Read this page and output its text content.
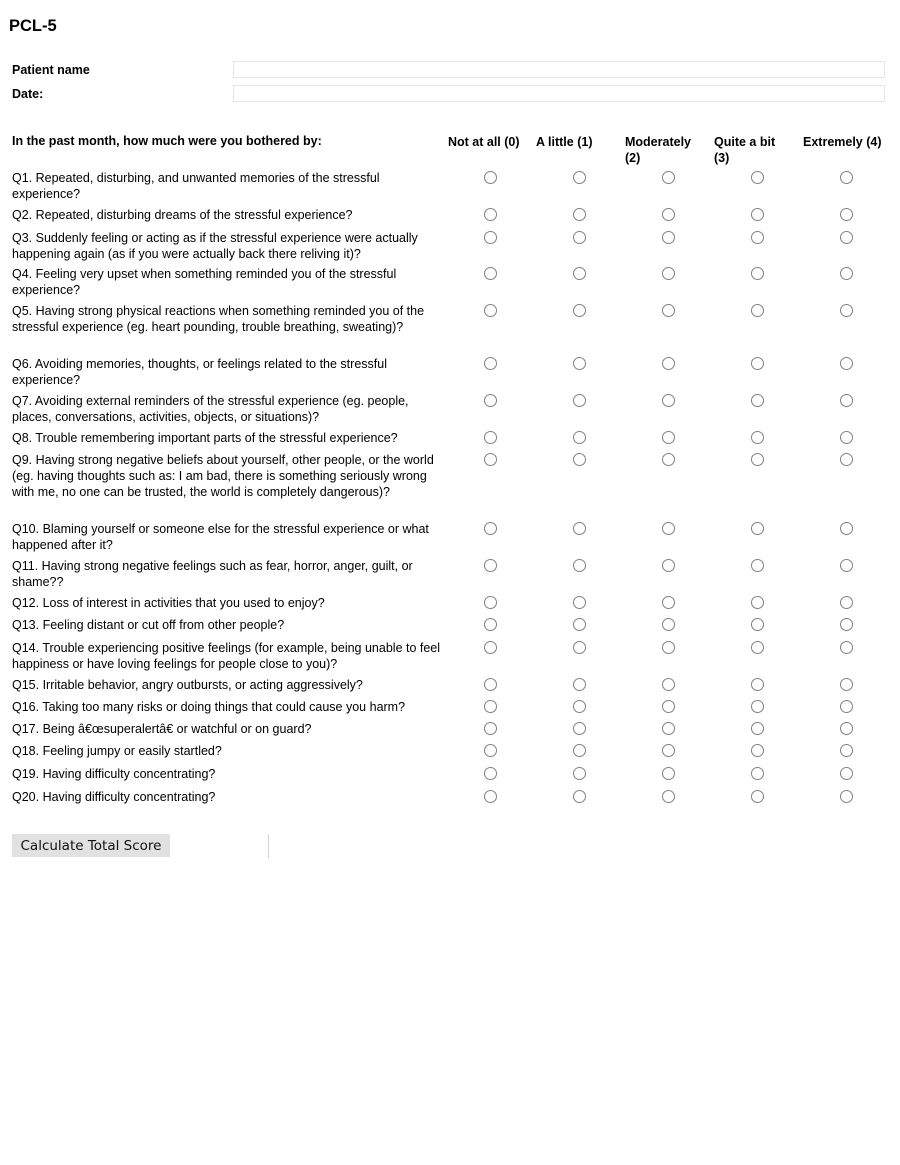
PCL-5
Patient name
Date:
In the past month, how much were you bothered by:	Not at all (0) A little (1)	Moderately
(2)
Quite a bit
(3)
Extremely (4)
Q1. Repeated, disturbing, and unwanted memories of the stressful experience?
Q2. Repeated, disturbing dreams of the stressful experience?
Q3. Suddenly feeling or acting as if the stressful experience were actually happening again (as if you were actually back there reliving it)?
Q4. Feeling very upset when something reminded you of the stressful experience?
Q5. Having strong physical reactions when something reminded you of the stressful experience (eg. heart pounding, trouble breathing, sweating)?
Q6. Avoiding memories, thoughts, or feelings related to the stressful experience?
Q7. Avoiding external reminders of the stressful experience (eg. people, places, conversations, activities, objects, or situations)?
Q8. Trouble remembering important parts of the stressful experience?
Q9. Having strong negative beliefs about yourself, other people, or the world (eg. having thoughts such as: I am bad, there is something seriously wrong with me, no one can be trusted, the world is completely dangerous)?
Q10. Blaming yourself or someone else for the stressful experience or what happened after it?
Q11. Having strong negative feelings such as fear, horror, anger, guilt, or shame??
Q12. Loss of interest in activities that you used to enjoy?
Q13. Feeling distant or cut off from other people?
Q14. Trouble experiencing positive feelings (for example, being unable to feel happiness or have loving feelings for people close to you)?
Q15. Irritable behavior, angry outbursts, or acting aggressively?
Q16. Taking too many risks or doing things that could cause you harm?
Q17. Being â€œsuperalertâ€ or watchful or on guard?
Q18. Feeling jumpy or easily startled?
Q19. Having difficulty concentrating?
Q20. Having difficulty concentrating?
Calculate Total Score
